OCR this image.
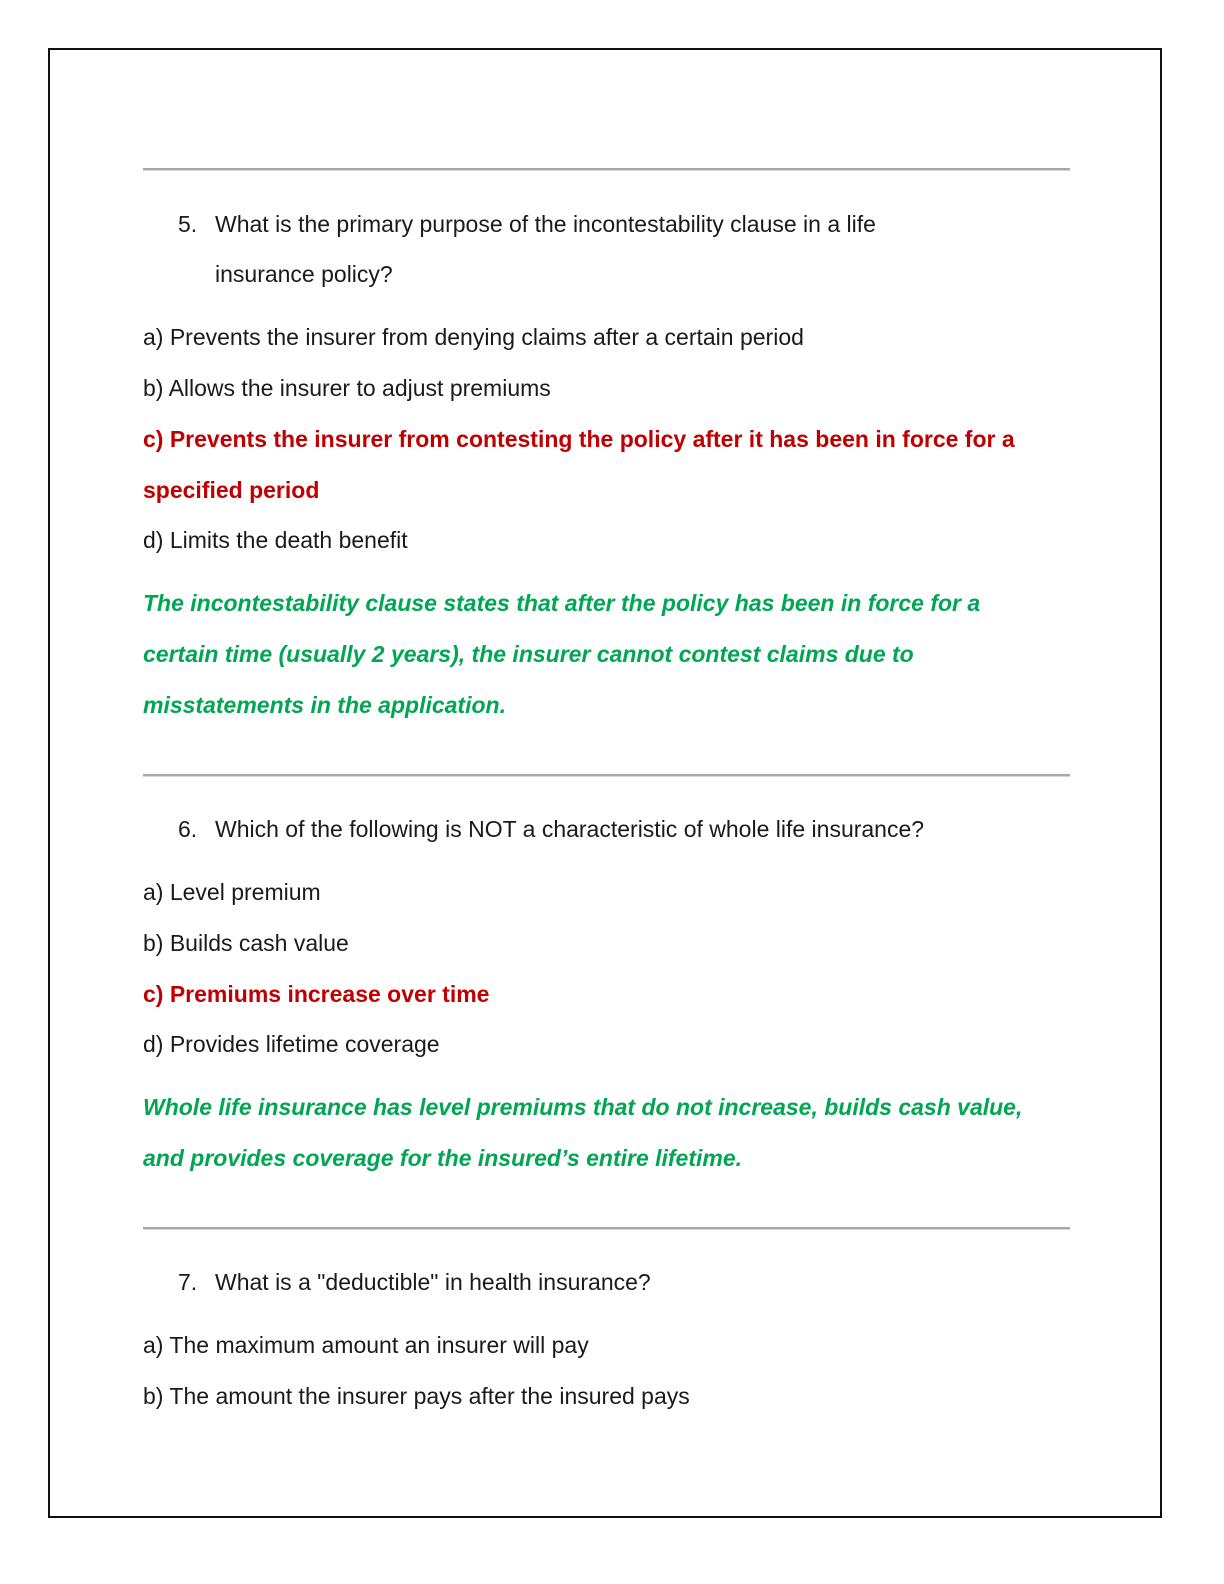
5. What is the primary purpose of the incontestability clause in a life
insurance policy?
a) Prevents the insurer from denying claims after a certain period
b) Allows the insurer to adjust premiums
c) Prevents the insurer from contesting the policy after it has been in force for a
specified period
d) Limits the death benefit
The incontestability clause states that after the policy has been in force for a
certain time (usually 2 years), the insurer cannot contest claims due to
misstatements in the application.
6. Which of the following is NOT a characteristic of whole life insurance?
a) Level premium
b) Builds cash value
c) Premiums increase over time
d) Provides lifetime coverage
Whole life insurance has level premiums that do not increase, builds cash value,
and provides coverage for the insured’s entire lifetime.
7. What is a "deductible" in health insurance?
a) The maximum amount an insurer will pay
b) The amount the insurer pays after the insured pays
